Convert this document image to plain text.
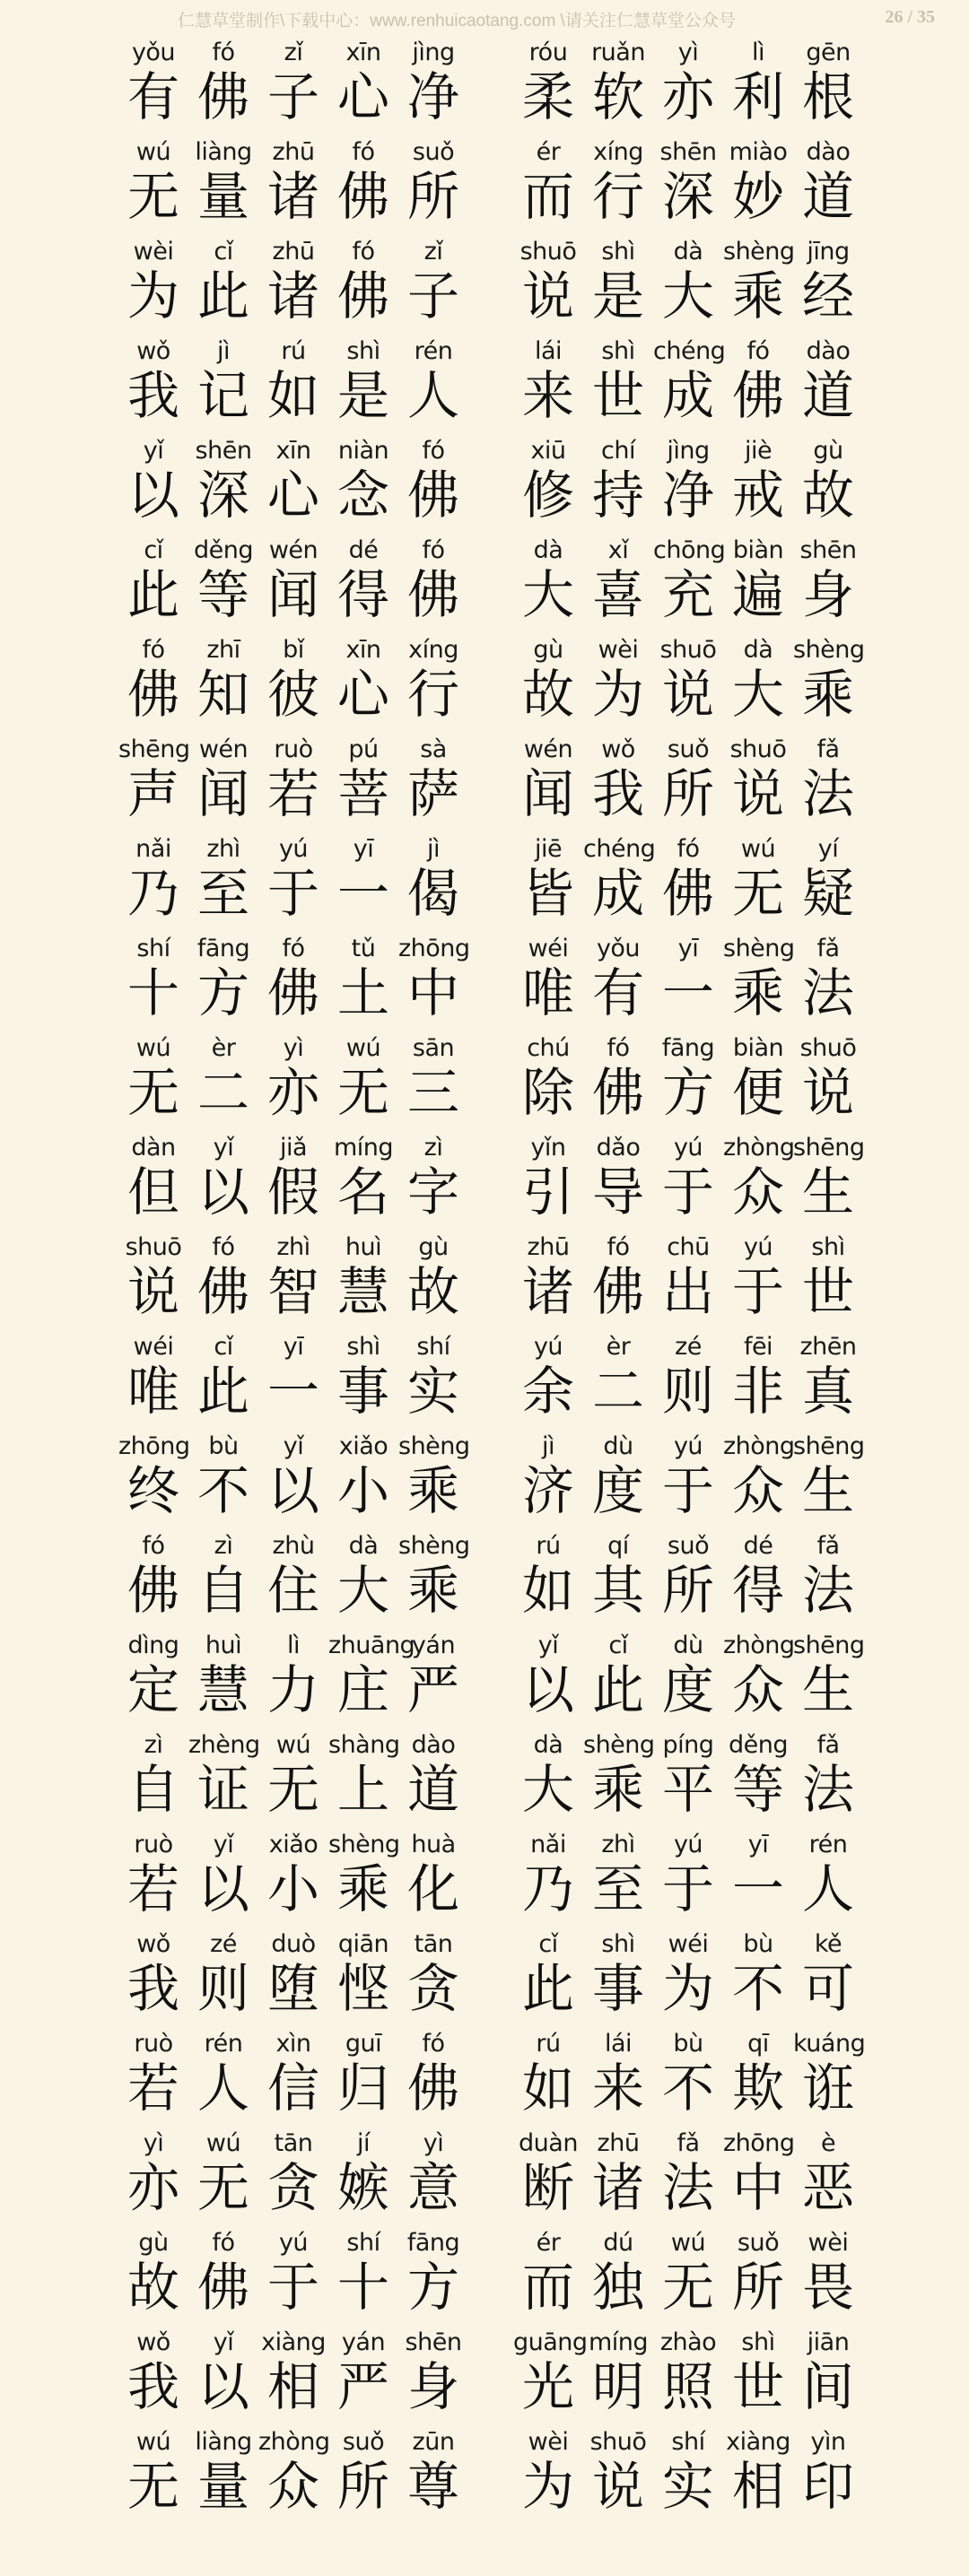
仁慧草堂制作\下载中心：www.renhuicaotang.com \请关注仁慧草堂公众号	26 / 35
yǒu
有
fó
佛
zǐ
子
xīn
心
jìng
净
róu
柔
ruǎn
软
yì
亦
lì
利
gēn
根
wú
无
liàng
量
zhū
诸
fó
佛
suǒ
所
ér
而
xíng
行
shēn
深
miào
妙
dào
道
wèi
为
cǐ
此
zhū
诸
fó
佛
zǐ
子
shuō
说
shì
是
dà
大
shèng
乘
jīng
经
wǒ
我
jì
记
rú
如
shì
是
rén
人
lái
来
shì
世
chéng
成
fó
佛
dào
道
yǐ
以
shēn
深
xīn
心
niàn
念
fó
佛
xiū
修
chí
持
jìng
净
jiè
戒
gù
故
cǐ
此
děng
等
wén
闻
dé
得
fó
佛
dà
大
xǐ
喜
chōng
充
biàn
遍
shēn
身
fó
佛
zhī
知
bǐ
彼
xīn
心
xíng
行
gù
故
wèi
为
shuō
说
dà
大
shèng
乘
shēng
声
wén
闻
ruò
若
pú
菩
sà
萨
wén
闻
wǒ
我
suǒ
所
shuō
说
fǎ
法
nǎi
乃
zhì
至
yú
于
yī
一
jì
偈
jiē
皆
chéng
成
fó
佛
wú
无
yí
疑
shí
十
fāng
方
fó
佛
tǔ
土
zhōng
中
wéi
唯
yǒu
有
yī
一
shèng
乘
fǎ
法
wú
无
èr
二
yì
亦
wú
无
sān
三
chú
除
fó
佛
fāng
方
biàn
便
shuō
说
dàn
但
yǐ
以
jiǎ
假
míng
名
zì
字
yǐn
引
dǎo
导
yú
于
zhòng
众
shēng
生
shuō
说
fó
佛
zhì
智
huì
慧
gù
故
zhū
诸
fó
佛
chū
出
yú
于
shì
世
wéi
唯
cǐ
此
yī
一
shì
事
shí
实
yú
余
èr
二
zé
则
fēi
非
zhēn
真
zhōng
终
bù
不
yǐ
以
xiǎo
小
shèng
乘
jì
济
dù
度
yú
于
zhòng
众
shēng
生
fó
佛
zì
自
zhù
住
dà
大
shèng
乘
rú
如
qí
其
suǒ
所
dé
得
fǎ
法
dìng
定
huì
慧
lì
力
zhuāng
庄
yán
严
yǐ
以
cǐ
此
dù
度
zhòng
众
shēng
生
zì
自
zhèng
证
wú
无
shàng
上
dào
道
dà
大
shèng
乘
píng
平
děng
等
fǎ
法
ruò
若
yǐ
以
xiǎo
小
shèng
乘
huà
化
nǎi
乃
zhì
至
yú
于
yī
一
rén
人
wǒ
我
zé
则
duò
堕
qiān
悭
tān
贪
cǐ
此
shì
事
wéi
为
bù
不
kě
可
ruò
若
rén
人
xìn
信
guī
归
fó
佛
rú
如
lái
来
bù
不
qī
欺
kuáng
诳
yì
亦
wú
无
tān
贪
jí
嫉
yì
意
duàn
断
zhū
诸
fǎ
法
zhōng
中
è
恶
gù
故
fó
佛
yú
于
shí
十
fāng
方
ér
而
dú
独
wú
无
suǒ
所
wèi
畏
wǒ
我
yǐ
以
xiàng
相
yán
严
shēn
身
guāng
光
míng
明
zhào
照
shì
世
jiān
间
wú
无
liàng
量
zhòng
众
suǒ
所
zūn
尊
wèi
为
shuō
说
shí
实
xiàng
相
yìn
印
